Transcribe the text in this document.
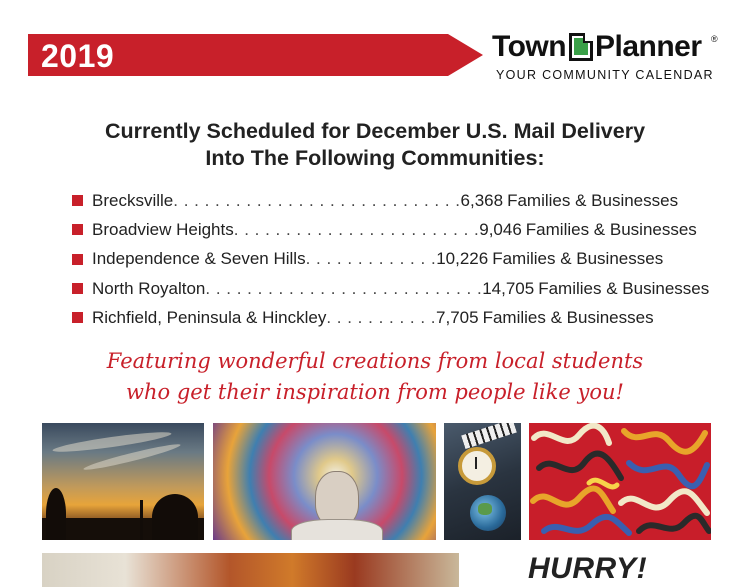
2019	Town Planner ®
YOUR COMMUNITY CALENDAR
Currently Scheduled for December U.S. Mail Delivery
Into The Following Communities:
Brecksville . . . . . . . . . . . . . . . . . . . . . . . . . . . . 6,368 Families & Businesses
Broadview Heights . . . . . . . . . . . . . . . . . . . . . . . . 9,046 Families & Businesses
Independence & Seven Hills . . . . . . . . . . . . . 10,226 Families & Businesses
North Royalton . . . . . . . . . . . . . . . . . . . . . . . . . . . 14,705 Families & Businesses
Richfield, Peninsula & Hinckley . . . . . . . . . . . 7,705 Families & Businesses
Featuring wonderful creations from local students
who get their inspiration from people like you!
HURRY!
